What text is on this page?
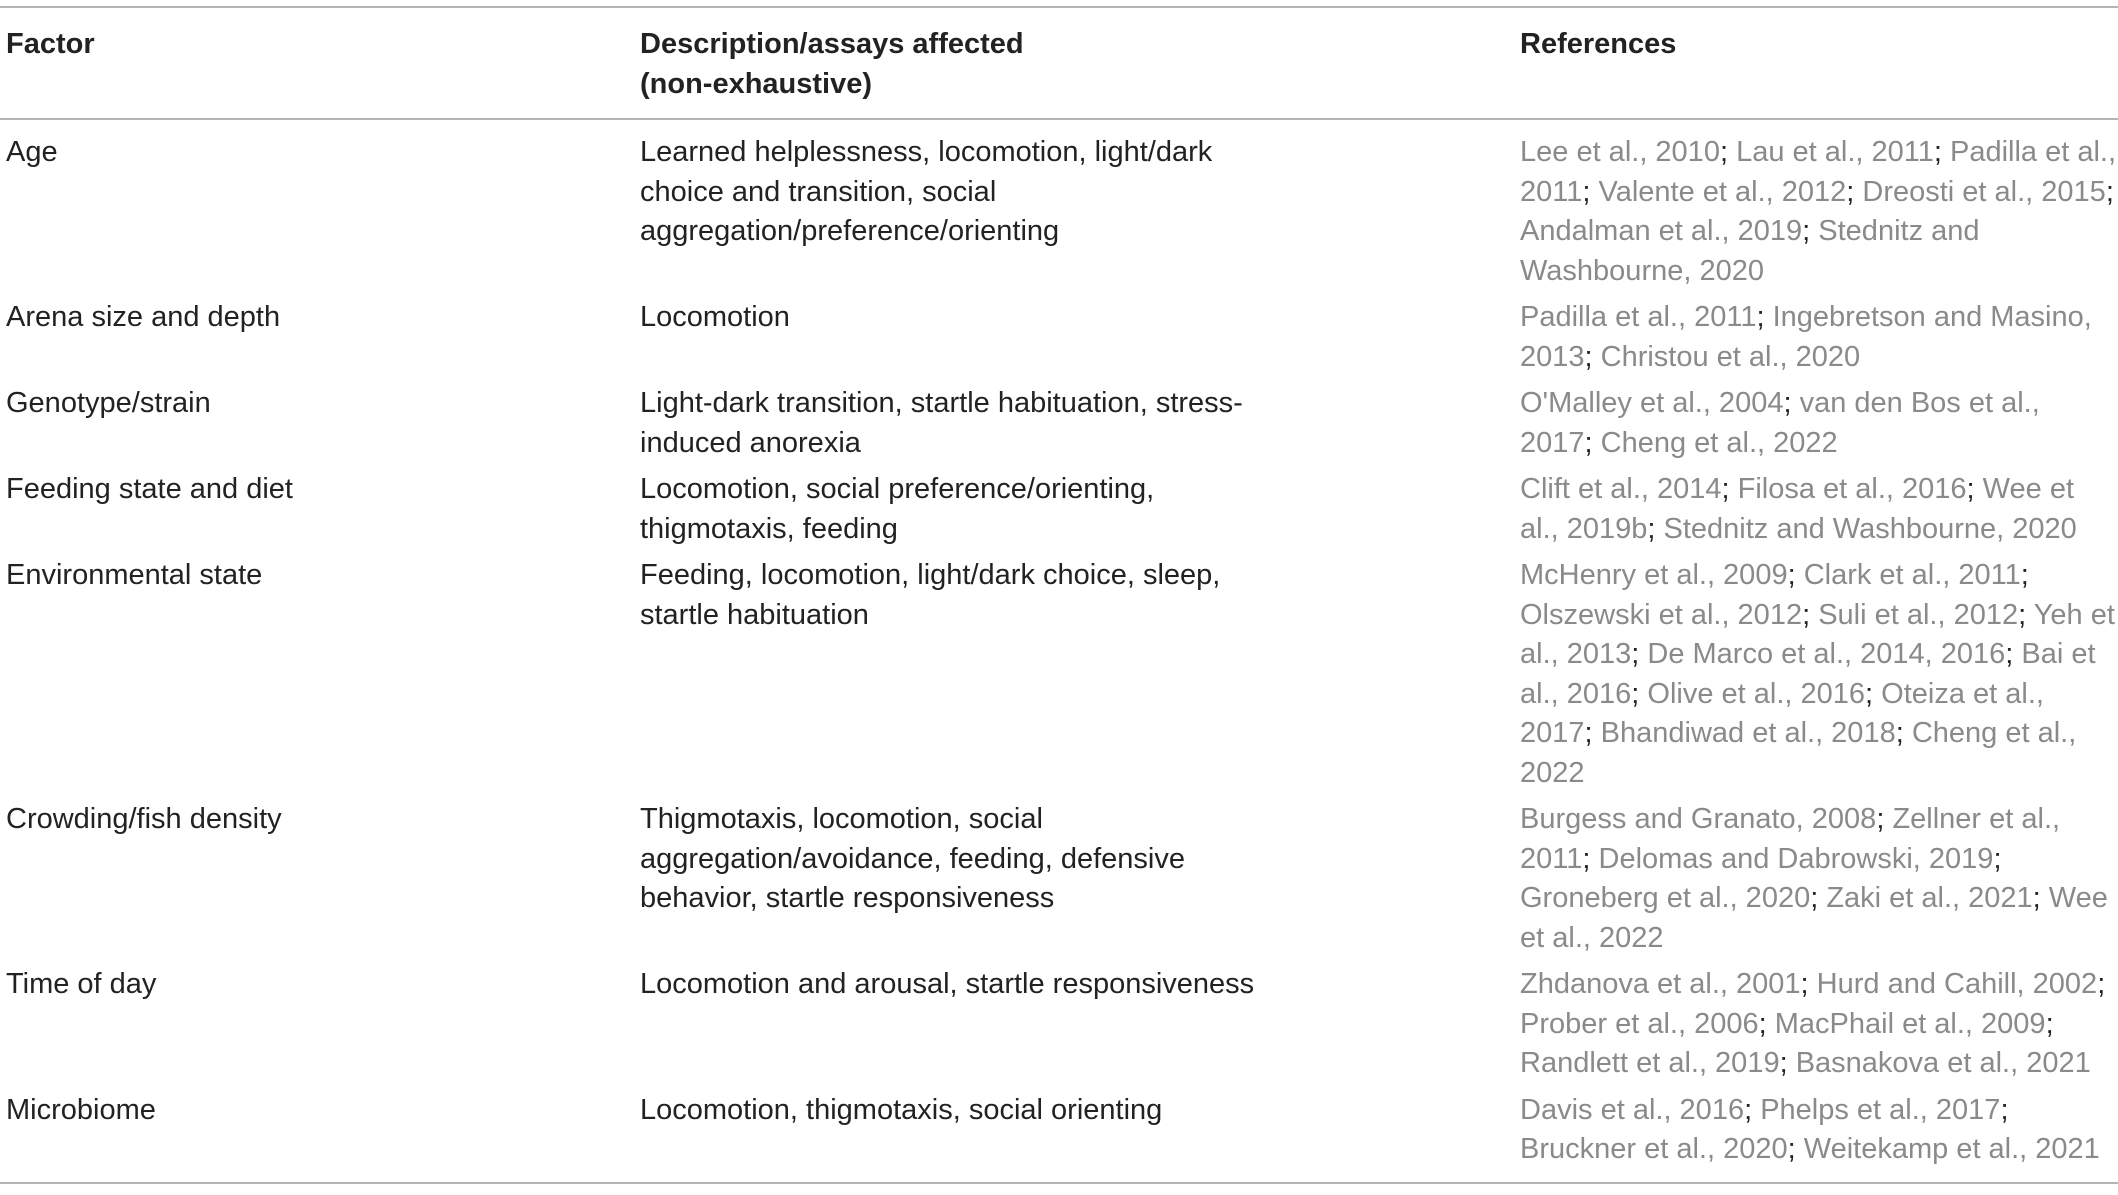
Factor	Description/assays affected (non-exhaustive)	References
Age	Learned helplessness, locomotion, light/dark choice and transition, social aggregation/preference/orienting	Lee et al., 2010; Lau et al., 2011; Padilla et al., 2011; Valente et al., 2012; Dreosti et al., 2015; Andalman et al., 2019; Stednitz and Washbourne, 2020
Arena size and depth	Locomotion	Padilla et al., 2011; Ingebretson and Masino, 2013; Christou et al., 2020
Genotype/strain	Light-dark transition, startle habituation, stress-induced anorexia	O'Malley et al., 2004; van den Bos et al., 2017; Cheng et al., 2022
Feeding state and diet	Locomotion, social preference/orienting, thigmotaxis, feeding	Clift et al., 2014; Filosa et al., 2016; Wee et al., 2019b; Stednitz and Washbourne, 2020
Environmental state	Feeding, locomotion, light/dark choice, sleep, startle habituation	McHenry et al., 2009; Clark et al., 2011; Olszewski et al., 2012; Suli et al., 2012; Yeh et al., 2013; De Marco et al., 2014, 2016; Bai et al., 2016; Olive et al., 2016; Oteiza et al., 2017; Bhandiwad et al., 2018; Cheng et al., 2022
Crowding/fish density	Thigmotaxis, locomotion, social aggregation/avoidance, feeding, defensive behavior, startle responsiveness	Burgess and Granato, 2008; Zellner et al., 2011; Delomas and Dabrowski, 2019; Groneberg et al., 2020; Zaki et al., 2021; Wee et al., 2022
Time of day	Locomotion and arousal, startle responsiveness	Zhdanova et al., 2001; Hurd and Cahill, 2002; Prober et al., 2006; MacPhail et al., 2009; Randlett et al., 2019; Basnakova et al., 2021
Microbiome	Locomotion, thigmotaxis, social orienting	Davis et al., 2016; Phelps et al., 2017; Bruckner et al., 2020; Weitekamp et al., 2021
